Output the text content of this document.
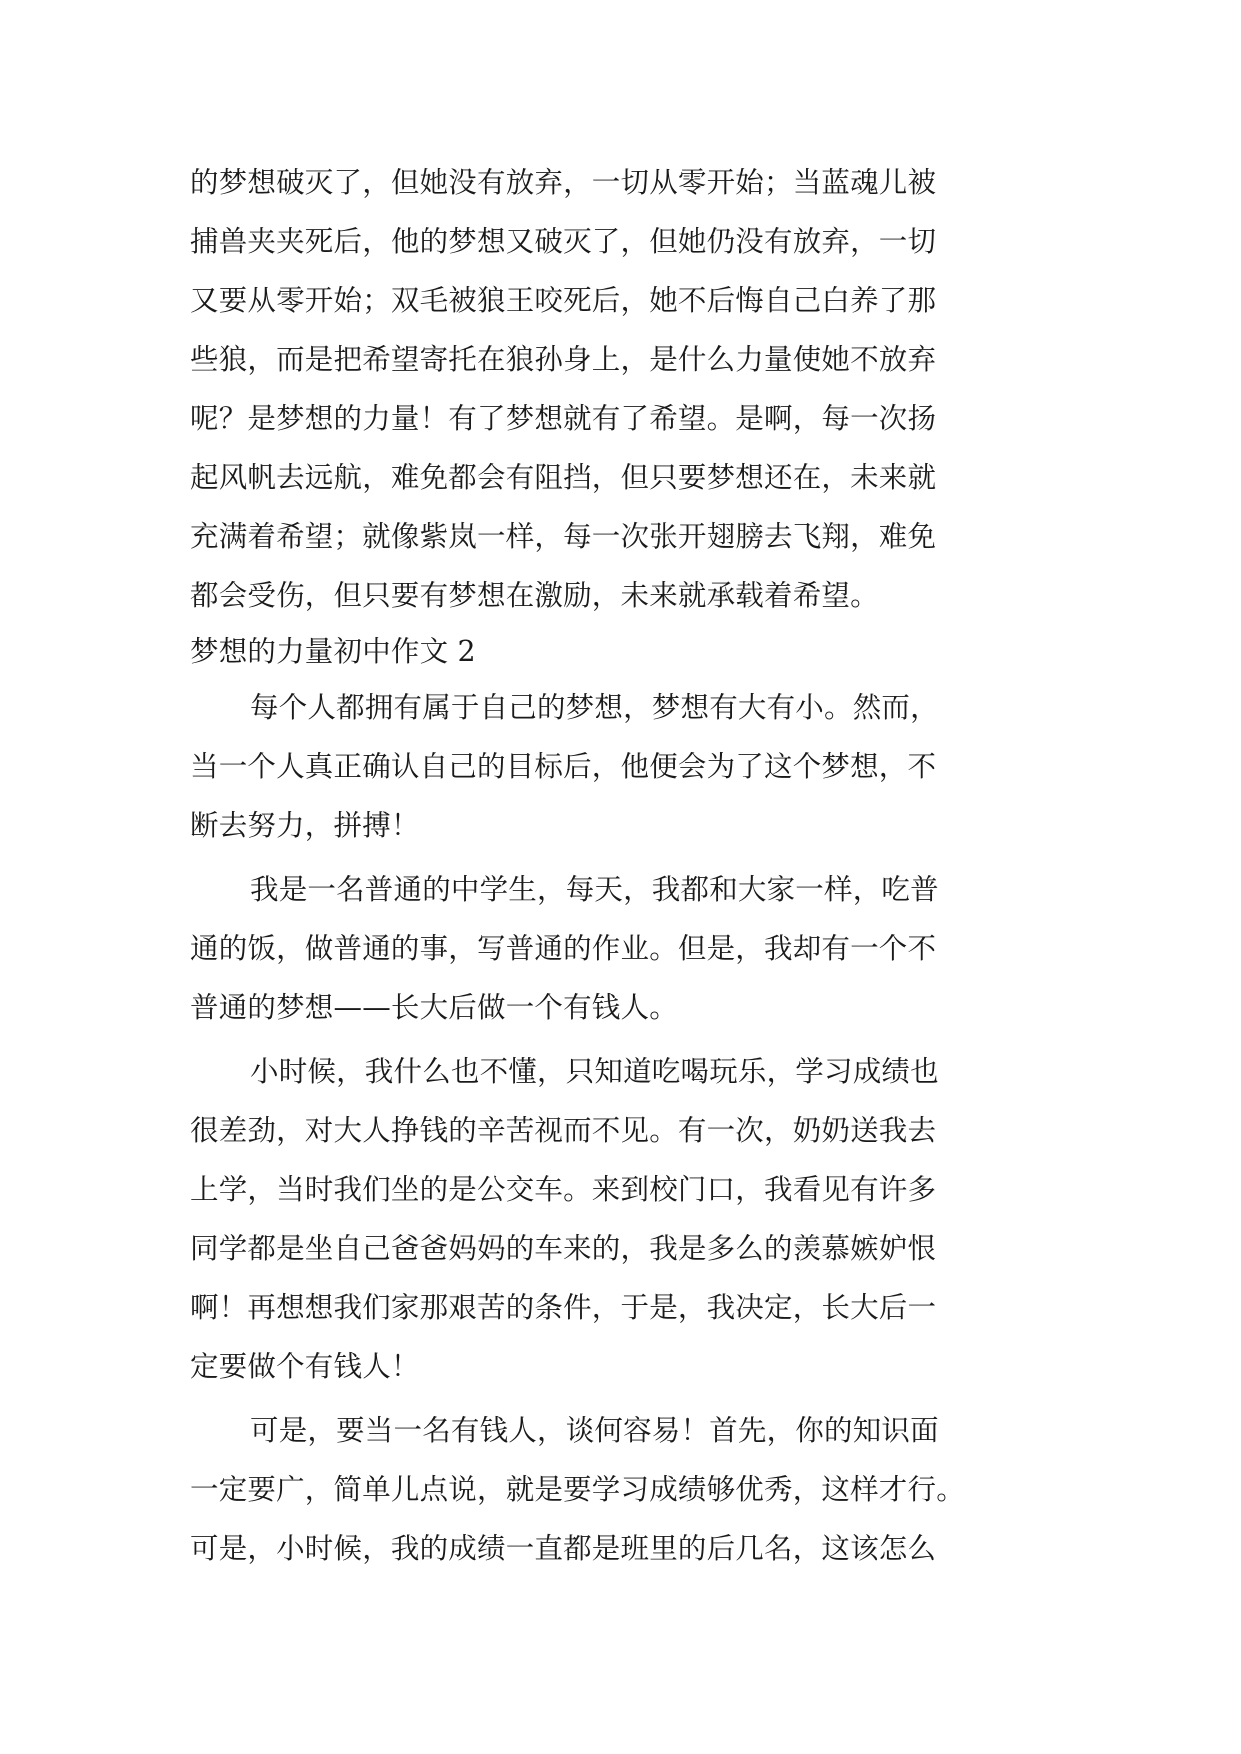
的梦想破灭了，但她没有放弃，一切从零开始；当蓝魂儿被
捕兽夹夹死后，他的梦想又破灭了，但她仍没有放弃，一切
又要从零开始；双毛被狼王咬死后，她不后悔自己白养了那
些狼，而是把希望寄托在狼孙身上，是什么力量使她不放弃
呢？是梦想的力量！有了梦想就有了希望。是啊，每一次扬
起风帆去远航，难免都会有阻挡，但只要梦想还在，未来就
充满着希望；就像紫岚一样，每一次张开翅膀去飞翔，难免
都会受伤，但只要有梦想在激励，未来就承载着希望。
梦想的力量初中作文 2
每个人都拥有属于自己的梦想，梦想有大有小。然而，
当一个人真正确认自己的目标后，他便会为了这个梦想，不
断去努力，拼搏！
我是一名普通的中学生，每天，我都和大家一样，吃普
通的饭，做普通的事，写普通的作业。但是，我却有一个不
普通的梦想——长大后做一个有钱人。
小时候，我什么也不懂，只知道吃喝玩乐，学习成绩也
很差劲，对大人挣钱的辛苦视而不见。有一次，奶奶送我去
上学，当时我们坐的是公交车。来到校门口，我看见有许多
同学都是坐自己爸爸妈妈的车来的，我是多么的羡慕嫉妒恨
啊！再想想我们家那艰苦的条件，于是，我决定，长大后一
定要做个有钱人！
可是，要当一名有钱人，谈何容易！首先，你的知识面
一定要广，简单儿点说，就是要学习成绩够优秀，这样才行。
可是，小时候，我的成绩一直都是班里的后几名，这该怎么
